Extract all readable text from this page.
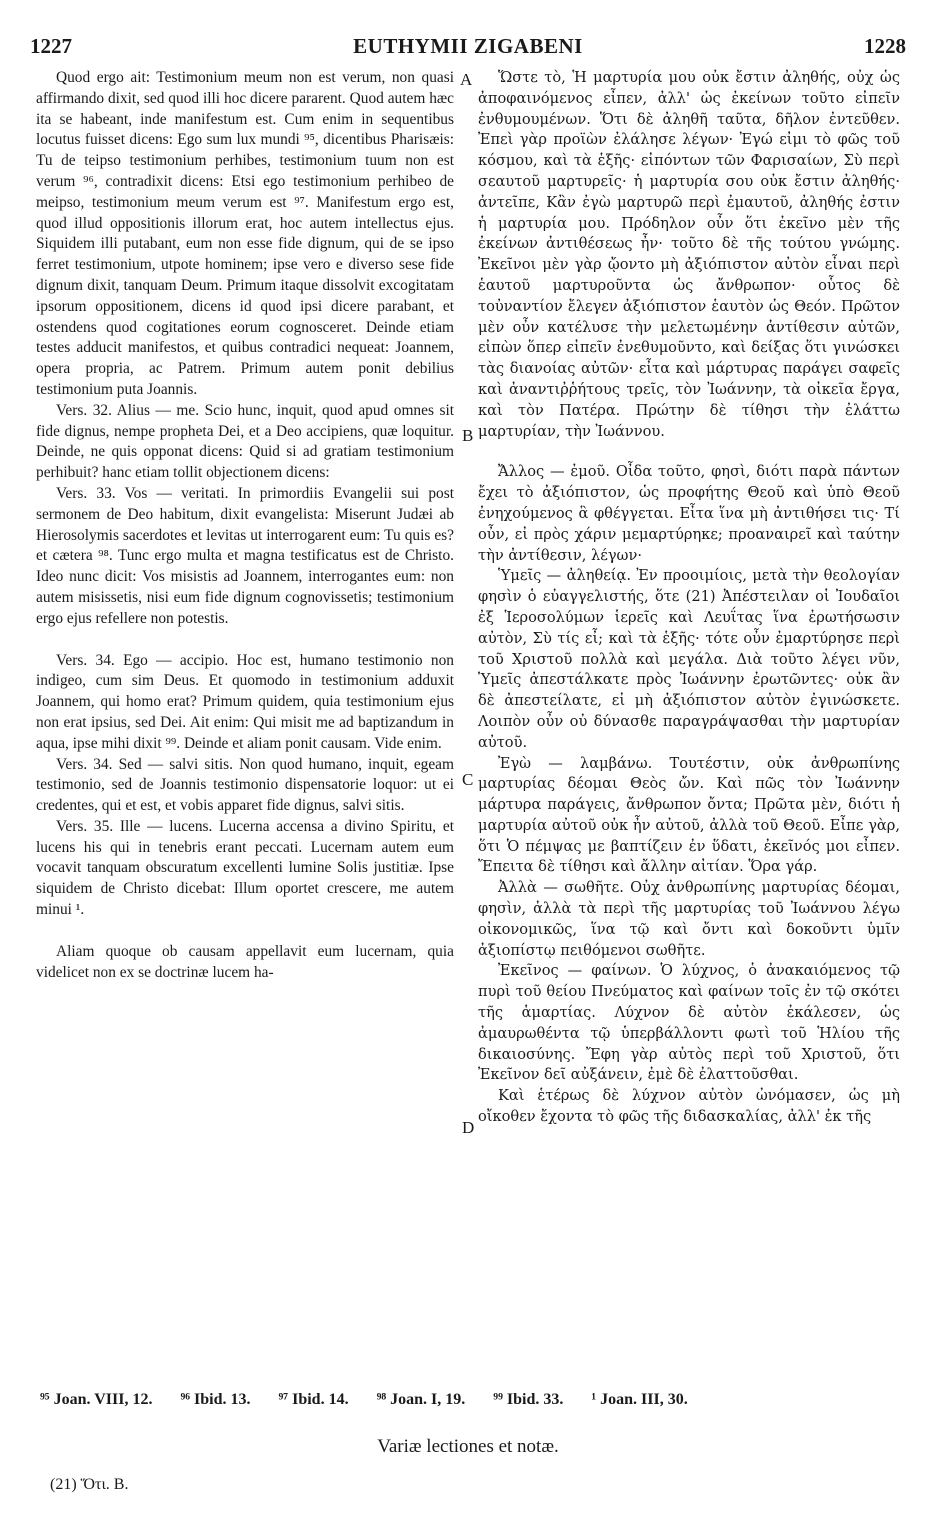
1227	EUTHYMII ZIGABENI	1228

Quod ergo ait: Testimonium meum non est verum, non quasi affirmando dixit, sed quod illi hoc dicere pararent. Quod autem hæc ita se habeant, inde manifestum est. Cum enim in sequentibus locutus fuisset dicens: Ego sum lux mundi ⁹⁵, dicentibus Pharisæis: Tu de teipso testimonium perhibes, testimonium tuum non est verum ⁹⁶, contradixit dicens: Etsi ego testimonium perhibeo de meipso, testimonium meum verum est ⁹⁷. Manifestum ergo est, quod illud oppositionis illorum erat, hoc autem intellectus ejus. Siquidem illi putabant, eum non esse fide dignum, qui de se ipso ferret testimonium, utpote hominem; ipse vero e diverso sese fide dignum dixit, tanquam Deum. Primum itaque dissolvit excogitatam ipsorum oppositionem, dicens id quod ipsi dicere parabant, et ostendens quod cogitationes eorum cognosceret. Deinde etiam testes adducit manifestos, et quibus contradici nequeat: Joannem, opera propria, ac Patrem. Primum autem ponit debilius testimonium puta Joannis.

Vers. 32. Alius — me. Scio hunc, inquit, quod apud omnes sit fide dignus, nempe propheta Dei, et a Deo accipiens, quæ loquitur. Deinde, ne quis opponat dicens: Quid si ad gratiam testimonium perhibuit? hanc etiam tollit objectionem dicens:

Vers. 33. Vos — veritati. In primordiis Evangelii sui post sermonem de Deo habitum, dixit evangelista: Miserunt Judæi ab Hierosolymis sacerdotes et levitas ut interrogarent eum: Tu quis es? et cætera ⁹⁸. Tunc ergo multa et magna testificatus est de Christo. Ideo nunc dicit: Vos misistis ad Joannem, interrogantes eum: non autem misissetis, nisi eum fide dignum cognovissetis; testimonium ergo ejus refellere non potestis.

Vers. 34. Ego — accipio. Hoc est, humano testimonio non indigeo, cum sim Deus. Et quomodo in testimonium adduxit Joannem, qui homo erat? Primum quidem, quia testimonium ejus non erat ipsius, sed Dei. Ait enim: Qui misit me ad baptizandum in aqua, ipse mihi dixit ⁹⁹. Deinde et aliam ponit causam. Vide enim.

Vers. 34. Sed — salvi sitis. Non quod humano, inquit, egeam testimonio, sed de Joannis testimonio dispensatorie loquor: ut ei credentes, qui et est, et vobis apparet fide dignus, salvi sitis.

Vers. 35. Ille — lucens. Lucerna accensa a divino Spiritu, et lucens his qui in tenebris erant peccati. Lucernam autem eum vocavit tanquam obscuratum excellenti lumine Solis justitiæ. Ipse siquidem de Christo dicebat: Illum oportet crescere, me autem minui ¹.

Aliam quoque ob causam appellavit eum lucernam, quia videlicet non ex se doctrinæ lucem ha-

A
B
C
D

Ὥστε τὸ, Ἡ μαρτυρία μου οὐκ ἔστιν ἀληθής, οὐχ ὡς ἀποφαινόμενος εἶπεν, ἀλλ' ὡς ἐκείνων τοῦτο εἰπεῖν ἐνθυμουμένων. Ὅτι δὲ ἀληθῆ ταῦτα, δῆλον ἐντεῦθεν. Ἐπεὶ γὰρ προϊὼν ἐλάλησε λέγων· Ἐγώ εἰμι τὸ φῶς τοῦ κόσμου, καὶ τὰ ἑξῆς· εἰπόντων τῶν Φαρισαίων, Σὺ περὶ σεαυτοῦ μαρτυρεῖς· ἡ μαρτυρία σου οὐκ ἔστιν ἀληθής· ἀντεῖπε, Κἂν ἐγὼ μαρτυρῶ περὶ ἐμαυτοῦ, ἀληθής ἐστιν ἡ μαρτυρία μου. Πρόδηλον οὖν ὅτι ἐκεῖνο μὲν τῆς ἐκείνων ἀντιθέσεως ἦν· τοῦτο δὲ τῆς τούτου γνώμης. Ἐκεῖνοι μὲν γὰρ ᾤοντο μὴ ἀξιόπιστον αὐτὸν εἶναι περὶ ἑαυτοῦ μαρτυροῦντα ὡς ἄνθρωπον· οὗτος δὲ τοὐναντίον ἔλεγεν ἀξιόπιστον ἑαυτὸν ὡς Θεόν. Πρῶτον μὲν οὖν κατέλυσε τὴν μελετωμένην ἀντίθεσιν αὐτῶν, εἰπὼν ὅπερ εἰπεῖν ἐνεθυμοῦντο, καὶ δείξας ὅτι γινώσκει τὰς διανοίας αὐτῶν· εἶτα καὶ μάρτυρας παράγει σαφεῖς καὶ ἀναντιῤῥήτους τρεῖς, τὸν Ἰωάννην, τὰ οἰκεῖα ἔργα, καὶ τὸν Πατέρα. Πρώτην δὲ τίθησι τὴν ἐλάττω μαρτυρίαν, τὴν Ἰωάννου.

Ἄλλος — ἐμοῦ. Οἶδα τοῦτο, φησὶ, διότι παρὰ πάντων ἔχει τὸ ἀξιόπιστον, ὡς προφήτης Θεοῦ καὶ ὑπὸ Θεοῦ ἐνηχούμενος ἃ φθέγγεται. Εἶτα ἵνα μὴ ἀντιθήσει τις· Τί οὖν, εἰ πρὸς χάριν μεμαρτύρηκε; προαναιρεῖ καὶ ταύτην τὴν ἀντίθεσιν, λέγων·

Ὑμεῖς — ἀληθείᾳ. Ἐν προοιμίοις, μετὰ τὴν θεολογίαν φησὶν ὁ εὐαγγελιστής, ὅτε (21) Ἀπέστειλαν οἱ Ἰουδαῖοι ἐξ Ἱεροσολύμων ἱερεῖς καὶ Λευΐτας ἵνα ἐρωτήσωσιν αὐτὸν, Σὺ τίς εἶ; καὶ τὰ ἑξῆς· τότε οὖν ἐμαρτύρησε περὶ τοῦ Χριστοῦ πολλὰ καὶ μεγάλα. Διὰ τοῦτο λέγει νῦν, Ὑμεῖς ἀπεστάλκατε πρὸς Ἰωάννην ἐρωτῶντες· οὐκ ἂν δὲ ἀπεστείλατε, εἰ μὴ ἀξιόπιστον αὐτὸν ἐγινώσκετε. Λοιπὸν οὖν οὐ δύνασθε παραγράψασθαι τὴν μαρτυρίαν αὐτοῦ.

Ἐγὼ — λαμβάνω. Τουτέστιν, οὐκ ἀνθρωπίνης μαρτυρίας δέομαι Θεὸς ὤν. Καὶ πῶς τὸν Ἰωάννην μάρτυρα παράγεις, ἄνθρωπον ὄντα; Πρῶτα μὲν, διότι ἡ μαρτυρία αὐτοῦ οὐκ ἦν αὐτοῦ, ἀλλὰ τοῦ Θεοῦ. Εἶπε γὰρ, ὅτι Ὁ πέμψας με βαπτίζειν ἐν ὕδατι, ἐκεῖνός μοι εἶπεν. Ἔπειτα δὲ τίθησι καὶ ἄλλην αἰτίαν. Ὅρα γάρ.

Ἀλλὰ — σωθῆτε. Οὐχ ἀνθρωπίνης μαρτυρίας δέομαι, φησὶν, ἀλλὰ τὰ περὶ τῆς μαρτυρίας τοῦ Ἰωάννου λέγω οἰκονομικῶς, ἵνα τῷ καὶ ὄντι καὶ δοκοῦντι ὑμῖν ἀξιοπίστῳ πειθόμενοι σωθῆτε.

Ἐκεῖνος — φαίνων. Ὁ λύχνος, ὁ ἀνακαιόμενος τῷ πυρὶ τοῦ θείου Πνεύματος καὶ φαίνων τοῖς ἐν τῷ σκότει τῆς ἁμαρτίας. Λύχνον δὲ αὐτὸν ἐκάλεσεν, ὡς ἀμαυρωθέντα τῷ ὑπερβάλλοντι φωτὶ τοῦ Ἡλίου τῆς δικαιοσύνης. Ἔφη γὰρ αὐτὸς περὶ τοῦ Χριστοῦ, ὅτι Ἐκεῖνον δεῖ αὐξάνειν, ἐμὲ δὲ ἐλαττοῦσθαι.

Καὶ ἑτέρως δὲ λύχνον αὐτὸν ὠνόμασεν, ὡς μὴ οἴκοθεν ἔχοντα τὸ φῶς τῆς διδασκαλίας, ἀλλ' ἐκ τῆς

⁹⁵ Joan. VIII, 12. ⁹⁶ Ibid. 13. ⁹⁷ Ibid. 14. ⁹⁸ Joan. I, 19. ⁹⁹ Ibid. 33. ¹ Joan. III, 30.
Variæ lectiones et notæ.
(21) Ὅτι. B.
